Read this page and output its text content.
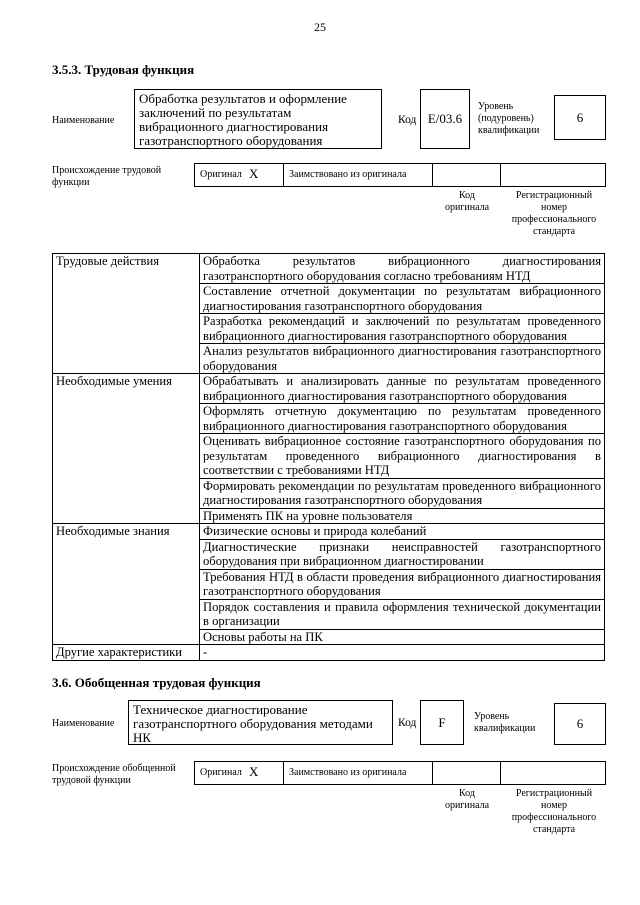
25
3.5.3. Трудовая функция
Наименование
Обработка результатов и оформление заключений по результатам вибрационного диагностирования газотранспортного оборудования
Код E/03.6
Уровень (подуровень) квалификации
6
Происхождение трудовой функции
Оригинал X	Заимствовано из оригинала
Код оригинала
Регистрационный номер профессионального стандарта
Трудовые действия	Обработка результатов вибрационного диагностирования газотранспортного оборудования согласно требованиям НТД
	Составление отчетной документации по результатам вибрационного диагностирования газотранспортного оборудования
	Разработка рекомендаций и заключений по результатам проведенного вибрационного диагностирования газотранспортного оборудования
	Анализ результатов вибрационного диагностирования газотранспортного оборудования
Необходимые умения	Обрабатывать и анализировать данные по результатам проведенного вибрационного диагностирования газотранспортного оборудования
	Оформлять отчетную документацию по результатам проведенного вибрационного диагностирования газотранспортного оборудования
	Оценивать вибрационное состояние газотранспортного оборудования по результатам проведенного вибрационного диагностирования в соответствии с требованиями НТД
	Формировать рекомендации по результатам проведенного вибрационного диагностирования газотранспортного оборудования
	Применять ПК на уровне пользователя
Необходимые знания	Физические основы и природа колебаний
	Диагностические признаки неисправностей газотранспортного оборудования при вибрационном диагностировании
	Требования НТД в области проведения вибрационного диагностирования газотранспортного оборудования
	Порядок составления и правила оформления технической документации в организации
	Основы работы на ПК
Другие характеристики	-
3.6. Обобщенная трудовая функция
Наименование
Техническое диагностирование газотранспортного оборудования методами НК
Код	F	Уровень квалификации	6
Происхождение обобщенной трудовой функции
Оригинал X	Заимствовано из оригинала
Код оригинала
Регистрационный номер профессионального стандарта
